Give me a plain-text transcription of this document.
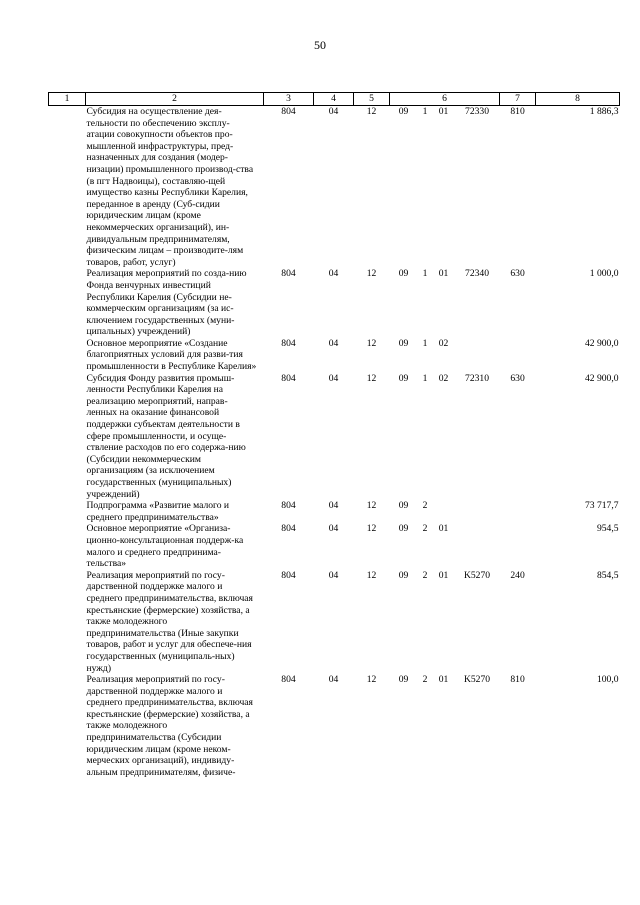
50
1	2	3	4	5	6				7	8
	Субсидия на осуществление дея-тельности по обеспечению эксплу-атации совокупности объектов про-мышленной инфраструктуры, пред-назначенных для создания (модер-низации) промышленного производ-ства (в пгт Надвоицы), составляю-щей имущество казны Республики Карелия, переданное в аренду (Суб-сидии юридическим лицам (кроме некоммерческих организаций), ин-дивидуальным предпринимателям, физическим лицам – производите-лям товаров, работ, услуг)	804	04	12	09	1	01	72330	810	1 886,3
	Реализация мероприятий по созда-нию Фонда венчурных инвестиций Республики Карелия (Субсидии не-коммерческим организациям (за ис-ключением государственных (муни-ципальных) учреждений)	804	04	12	09	1	01	72340	630	1 000,0
	Основное мероприятие «Создание благоприятных условий для разви-тия промышленности в Республике Карелия»	804	04	12	09	1	02			42 900,0
	Субсидия Фонду развития промыш-ленности Республики Карелия на реализацию мероприятий, направ-ленных на оказание финансовой поддержки субъектам деятельности в сфере промышленности, и осуще-ствление расходов по его содержа-нию (Субсидии некоммерческим организациям (за исключением государственных (муниципальных) учреждений)	804	04	12	09	1	02	72310	630	42 900,0
	Подпрограмма «Развитие малого и среднего предпринимательства»	804	04	12	09	2				73 717,7
	Основное мероприятие «Организа-ционно-консультационная поддерж-ка малого и среднего предпринима-тельства»	804	04	12	09	2	01			954,5
	Реализация мероприятий по госу-дарственной поддержке малого и среднего предпринимательства, включая крестьянские (фермерские) хозяйства, а также молодежного предпринимательства (Иные закупки товаров, работ и услуг для обеспече-ния государственных (муниципаль-ных) нужд)	804	04	12	09	2	01	K5270	240	854,5
	Реализация мероприятий по госу-дарственной поддержке малого и среднего предпринимательства, включая крестьянские (фермерские) хозяйства, а также молодежного предпринимательства (Субсидии юридическим лицам (кроме неком-мерческих организаций), индивиду-альным предпринимателям, физиче-	804	04	12	09	2	01	K5270	810	100,0
